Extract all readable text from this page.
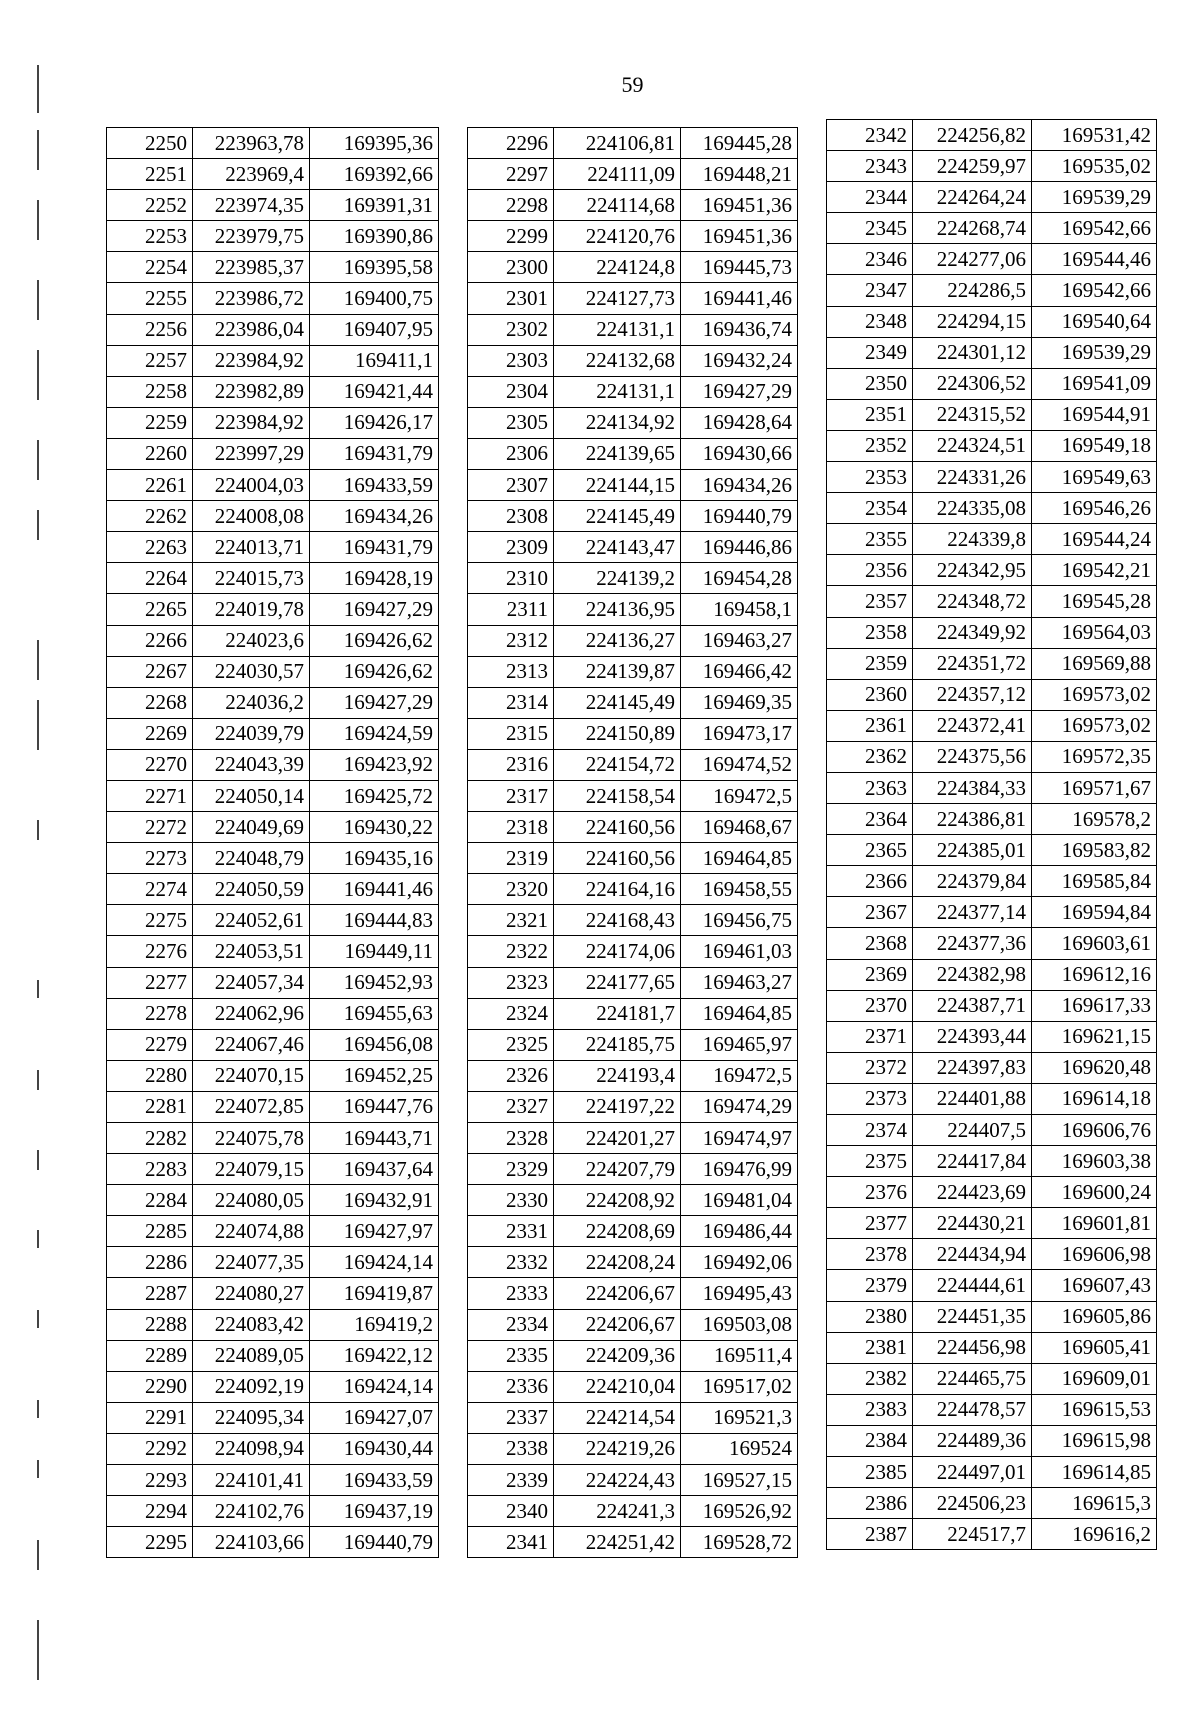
59
2250	223963,78	169395,36
2251	223969,4	169392,66
2252	223974,35	169391,31
2253	223979,75	169390,86
2254	223985,37	169395,58
2255	223986,72	169400,75
2256	223986,04	169407,95
2257	223984,92	169411,1
2258	223982,89	169421,44
2259	223984,92	169426,17
2260	223997,29	169431,79
2261	224004,03	169433,59
2262	224008,08	169434,26
2263	224013,71	169431,79
2264	224015,73	169428,19
2265	224019,78	169427,29
2266	224023,6	169426,62
2267	224030,57	169426,62
2268	224036,2	169427,29
2269	224039,79	169424,59
2270	224043,39	169423,92
2271	224050,14	169425,72
2272	224049,69	169430,22
2273	224048,79	169435,16
2274	224050,59	169441,46
2275	224052,61	169444,83
2276	224053,51	169449,11
2277	224057,34	169452,93
2278	224062,96	169455,63
2279	224067,46	169456,08
2280	224070,15	169452,25
2281	224072,85	169447,76
2282	224075,78	169443,71
2283	224079,15	169437,64
2284	224080,05	169432,91
2285	224074,88	169427,97
2286	224077,35	169424,14
2287	224080,27	169419,87
2288	224083,42	169419,2
2289	224089,05	169422,12
2290	224092,19	169424,14
2291	224095,34	169427,07
2292	224098,94	169430,44
2293	224101,41	169433,59
2294	224102,76	169437,19
2295	224103,66	169440,79
2296	224106,81	169445,28
2297	224111,09	169448,21
2298	224114,68	169451,36
2299	224120,76	169451,36
2300	224124,8	169445,73
2301	224127,73	169441,46
2302	224131,1	169436,74
2303	224132,68	169432,24
2304	224131,1	169427,29
2305	224134,92	169428,64
2306	224139,65	169430,66
2307	224144,15	169434,26
2308	224145,49	169440,79
2309	224143,47	169446,86
2310	224139,2	169454,28
2311	224136,95	169458,1
2312	224136,27	169463,27
2313	224139,87	169466,42
2314	224145,49	169469,35
2315	224150,89	169473,17
2316	224154,72	169474,52
2317	224158,54	169472,5
2318	224160,56	169468,67
2319	224160,56	169464,85
2320	224164,16	169458,55
2321	224168,43	169456,75
2322	224174,06	169461,03
2323	224177,65	169463,27
2324	224181,7	169464,85
2325	224185,75	169465,97
2326	224193,4	169472,5
2327	224197,22	169474,29
2328	224201,27	169474,97
2329	224207,79	169476,99
2330	224208,92	169481,04
2331	224208,69	169486,44
2332	224208,24	169492,06
2333	224206,67	169495,43
2334	224206,67	169503,08
2335	224209,36	169511,4
2336	224210,04	169517,02
2337	224214,54	169521,3
2338	224219,26	169524
2339	224224,43	169527,15
2340	224241,3	169526,92
2341	224251,42	169528,72
2342	224256,82	169531,42
2343	224259,97	169535,02
2344	224264,24	169539,29
2345	224268,74	169542,66
2346	224277,06	169544,46
2347	224286,5	169542,66
2348	224294,15	169540,64
2349	224301,12	169539,29
2350	224306,52	169541,09
2351	224315,52	169544,91
2352	224324,51	169549,18
2353	224331,26	169549,63
2354	224335,08	169546,26
2355	224339,8	169544,24
2356	224342,95	169542,21
2357	224348,72	169545,28
2358	224349,92	169564,03
2359	224351,72	169569,88
2360	224357,12	169573,02
2361	224372,41	169573,02
2362	224375,56	169572,35
2363	224384,33	169571,67
2364	224386,81	169578,2
2365	224385,01	169583,82
2366	224379,84	169585,84
2367	224377,14	169594,84
2368	224377,36	169603,61
2369	224382,98	169612,16
2370	224387,71	169617,33
2371	224393,44	169621,15
2372	224397,83	169620,48
2373	224401,88	169614,18
2374	224407,5	169606,76
2375	224417,84	169603,38
2376	224423,69	169600,24
2377	224430,21	169601,81
2378	224434,94	169606,98
2379	224444,61	169607,43
2380	224451,35	169605,86
2381	224456,98	169605,41
2382	224465,75	169609,01
2383	224478,57	169615,53
2384	224489,36	169615,98
2385	224497,01	169614,85
2386	224506,23	169615,3
2387	224517,7	169616,2
